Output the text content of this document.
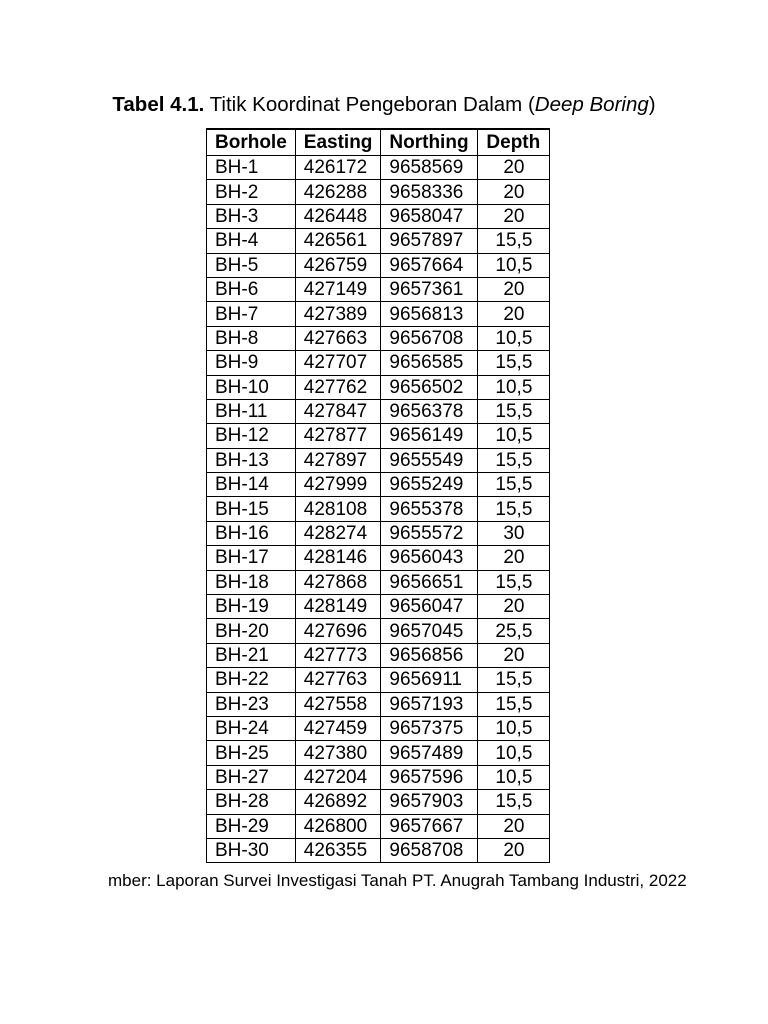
Tabel 4.1. Titik Koordinat Pengeboran Dalam (Deep Boring)
Borhole	Easting	Northing	Depth
BH-1	426172	9658569	20
BH-2	426288	9658336	20
BH-3	426448	9658047	20
BH-4	426561	9657897	15,5
BH-5	426759	9657664	10,5
BH-6	427149	9657361	20
BH-7	427389	9656813	20
BH-8	427663	9656708	10,5
BH-9	427707	9656585	15,5
BH-10	427762	9656502	10,5
BH-11	427847	9656378	15,5
BH-12	427877	9656149	10,5
BH-13	427897	9655549	15,5
BH-14	427999	9655249	15,5
BH-15	428108	9655378	15,5
BH-16	428274	9655572	30
BH-17	428146	9656043	20
BH-18	427868	9656651	15,5
BH-19	428149	9656047	20
BH-20	427696	9657045	25,5
BH-21	427773	9656856	20
BH-22	427763	9656911	15,5
BH-23	427558	9657193	15,5
BH-24	427459	9657375	10,5
BH-25	427380	9657489	10,5
BH-27	427204	9657596	10,5
BH-28	426892	9657903	15,5
BH-29	426800	9657667	20
BH-30	426355	9658708	20
mber: Laporan Survei Investigasi Tanah PT. Anugrah Tambang Industri, 2022
